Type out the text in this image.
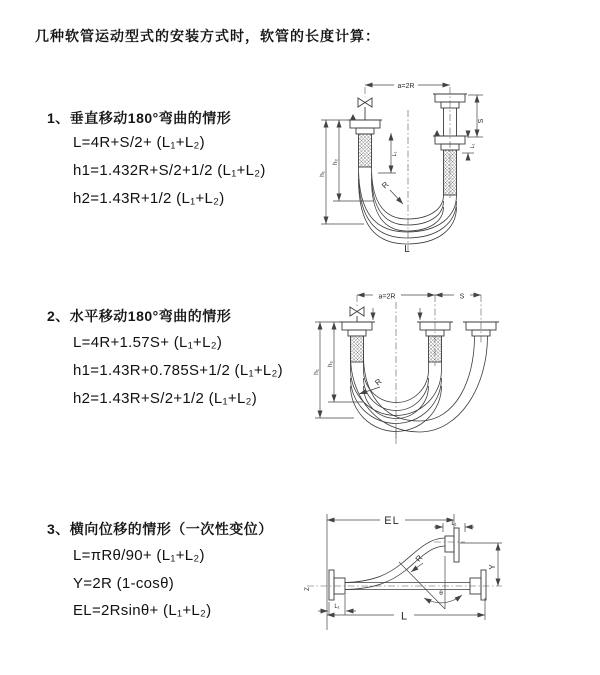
几种软管运动型式的安装方式时，软管的长度计算：
1、垂直移动180°弯曲的情形
L=4R+S/2+ (L₁+L₂)
h1=1.432R+S/2+1/2 (L₁+L₂)
h2=1.43R+1/2 (L₁+L₂)
2、水平移动180°弯曲的情形
L=4R+1.57S+ (L₁+L₂)
h1=1.43R+0.785S+1/2 (L₁+L₂)
h2=1.43R+S/2+1/2 (L₁+L₂)
3、横向位移的情形（一次性变位）
L=πRθ/90+ (L₁+L₂)
Y=2R (1-cosθ)
EL=2Rsinθ+ (L₁+L₂)
a=2R
S
L₁
L₁
h₁
h₂
R
L
a=2R	S
h₁
h₂
R
EL	L₁
L₁
Y
L
R
θ
Z
